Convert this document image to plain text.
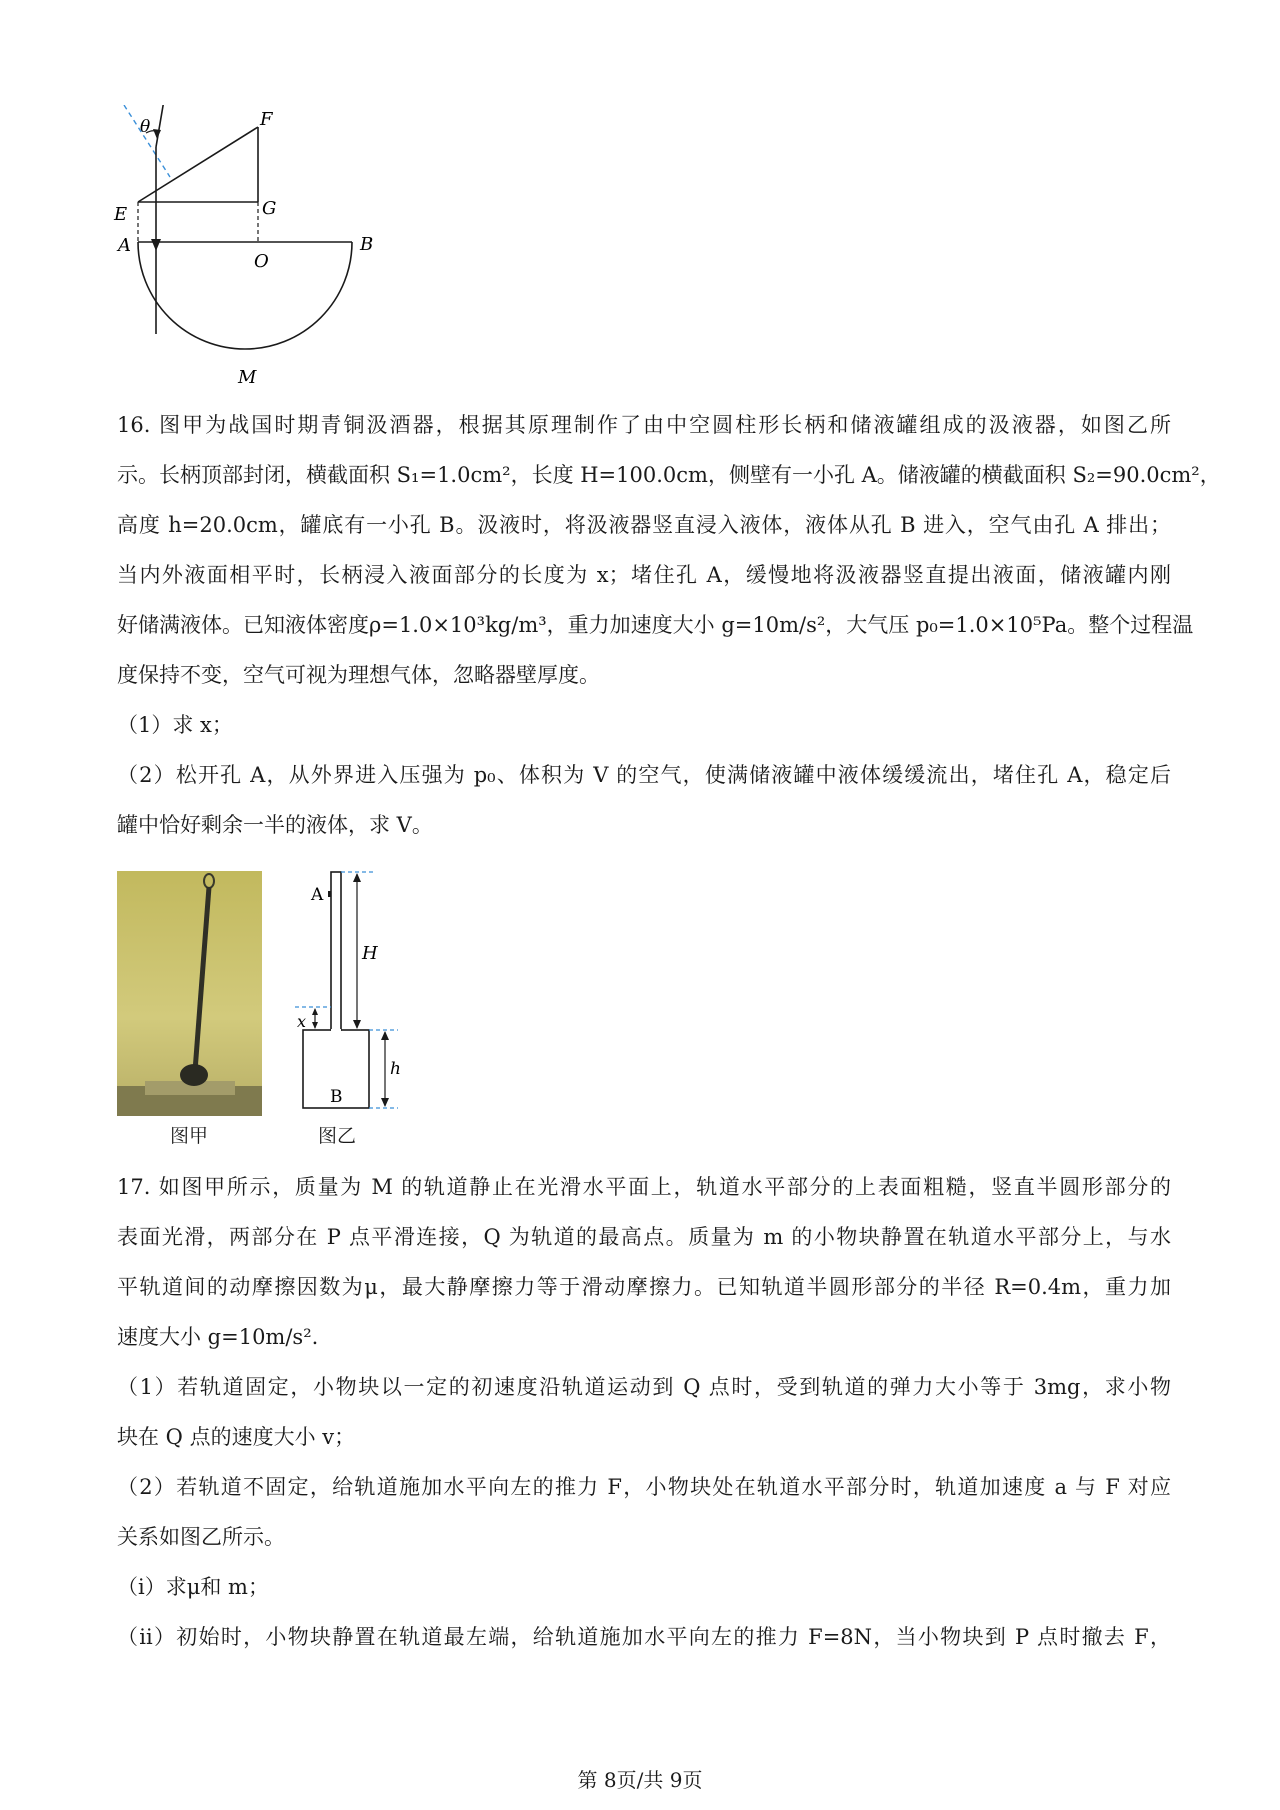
θ	F
E	G
A
O
B
M
16. 图甲为战国时期青铜汲酒器，根据其原理制作了由中空圆柱形长柄和储液罐组成的汲液器，如图乙所
示。长柄顶部封闭，横截面积 S₁=1.0cm²，长度 H=100.0cm，侧壁有一小孔 A。储液罐的横截面积 S₂=90.0cm²，
高度 h=20.0cm，罐底有一小孔 B。汲液时，将汲液器竖直浸入液体，液体从孔 B 进入，空气由孔 A 排出；
当内外液面相平时，长柄浸入液面部分的长度为 x；堵住孔 A，缓慢地将汲液器竖直提出液面，储液罐内刚
好储满液体。已知液体密度ρ=1.0×10³kg/m³，重力加速度大小 g=10m/s²，大气压 p₀=1.0×10⁵Pa。整个过程温
度保持不变，空气可视为理想气体，忽略器壁厚度。
（1）求 x；
（2）松开孔 A，从外界进入压强为 p₀、体积为 V 的空气，使满储液罐中液体缓缓流出，堵住孔 A，稳定后
罐中恰好剩余一半的液体，求 V。
图甲
A
H
x
h
B
图乙
17. 如图甲所示，质量为 M 的轨道静止在光滑水平面上，轨道水平部分的上表面粗糙，竖直半圆形部分的
表面光滑，两部分在 P 点平滑连接，Q 为轨道的最高点。质量为 m 的小物块静置在轨道水平部分上，与水
平轨道间的动摩擦因数为μ，最大静摩擦力等于滑动摩擦力。已知轨道半圆形部分的半径 R=0.4m，重力加
速度大小 g=10m/s².
（1）若轨道固定，小物块以一定的初速度沿轨道运动到 Q 点时，受到轨道的弹力大小等于 3mg，求小物
块在 Q 点的速度大小 v；
（2）若轨道不固定，给轨道施加水平向左的推力 F，小物块处在轨道水平部分时，轨道加速度 a 与 F 对应
关系如图乙所示。
（i）求μ和 m；
（ii）初始时，小物块静置在轨道最左端，给轨道施加水平向左的推力 F=8N，当小物块到 P 点时撤去 F，
第 8页/共 9页
